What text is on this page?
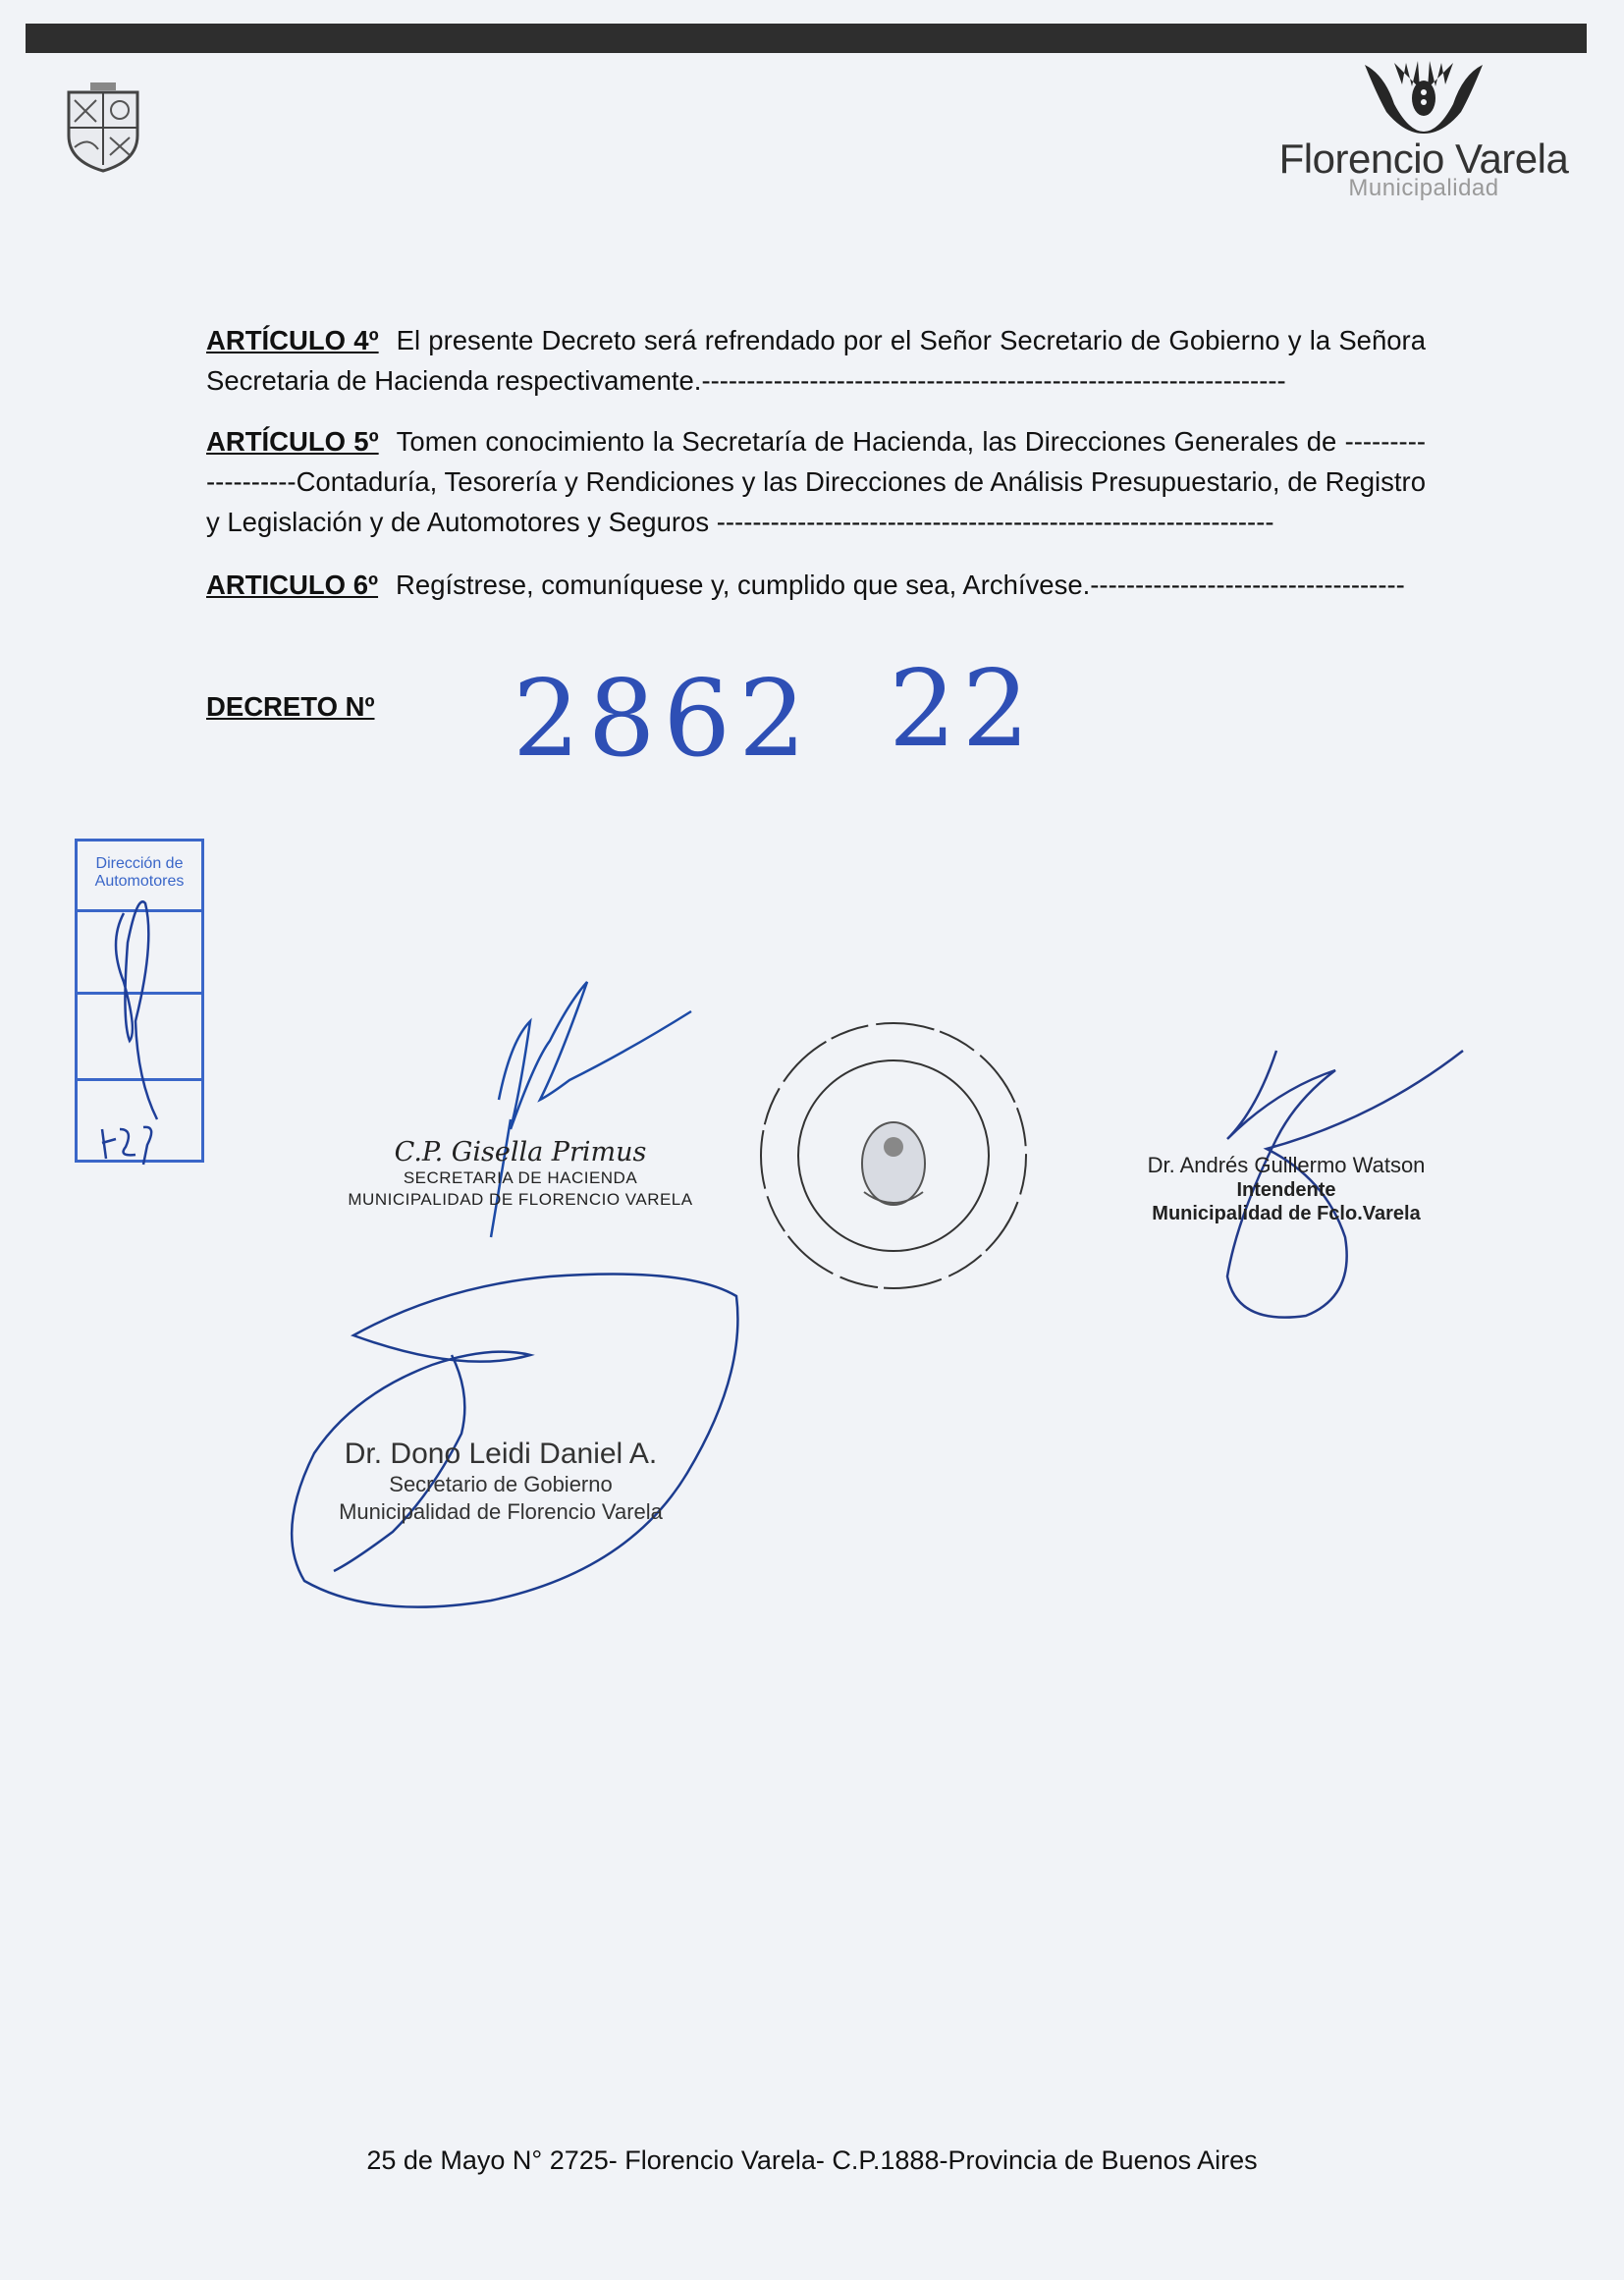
Florencio Varela
Municipalidad
ARTÍCULO 4º El presente Decreto será refrendado por el Señor Secretario de Gobierno y la Señora Secretaria de Hacienda respectivamente.-----------------------------------------------------------------
ARTÍCULO 5º Tomen conocimiento la Secretaría de Hacienda, las Direcciones Generales de -------------------Contaduría, Tesorería y Rendiciones y las Direcciones de Análisis Presupuestario, de Registro y Legislación y de Automotores y Seguros --------------------------------------------------------------
ARTICULO 6º Regístrese, comuníquese y, cumplido que sea, Archívese.-----------------------------------
DECRETO Nº 2862 22
Dirección de Automotores
C.P. Gisella Primus
SECRETARIA DE HACIENDA
MUNICIPALIDAD DE FLORENCIO VARELA
Dr. Andrés Guillermo Watson
Intendente
Municipalidad de Fclo.Varela
Dr. Dono Leidi Daniel A.
Secretario de Gobierno
Municipalidad de Florencio Varela
25 de Mayo N° 2725- Florencio Varela- C.P.1888-Provincia de Buenos Aires
